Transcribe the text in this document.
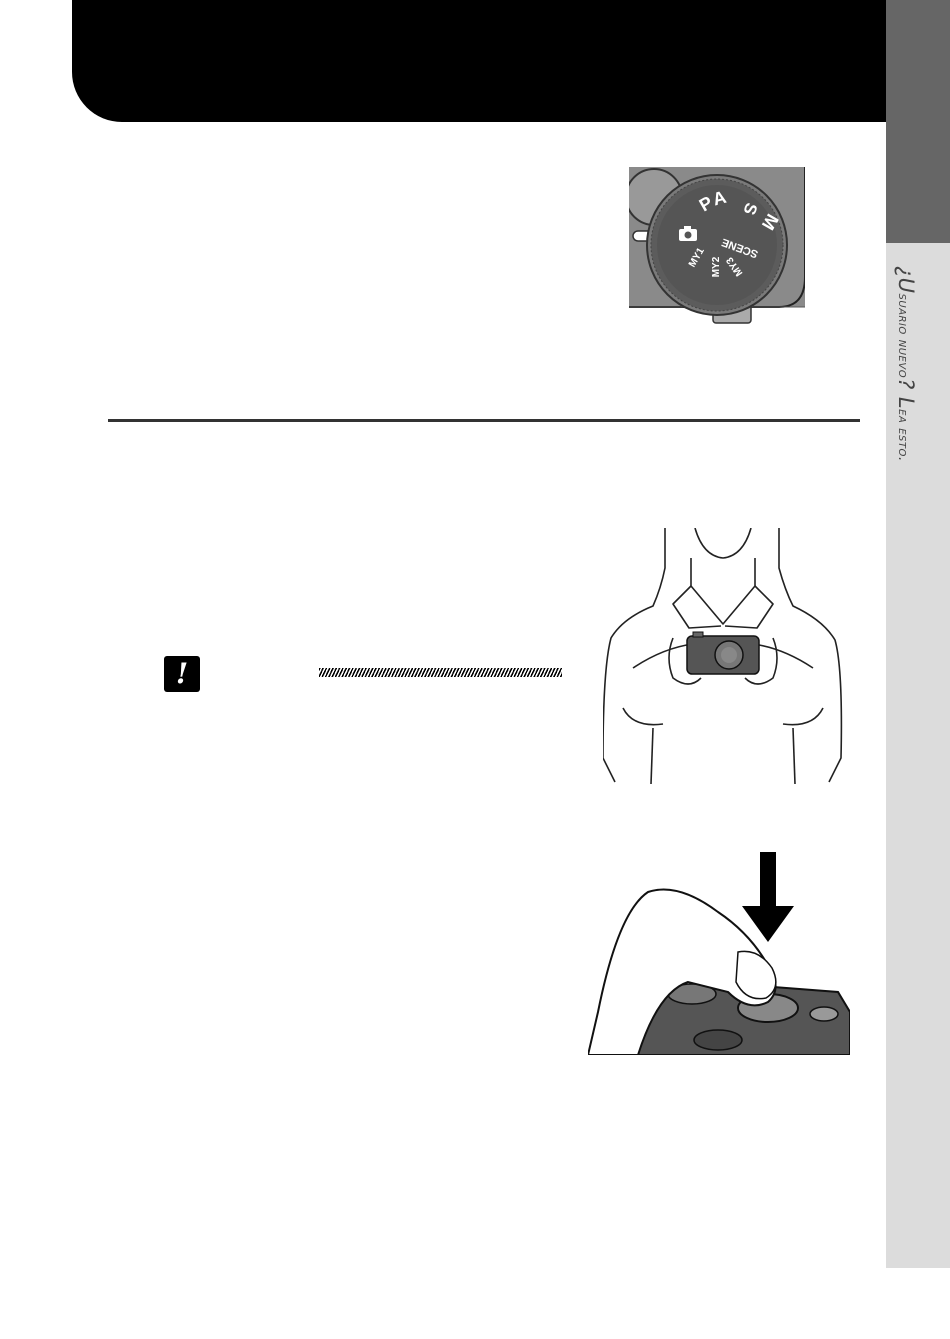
¿Usuario nuevo? Lea esto.
P
A S
M
SCENE
MY3
MY2
MY1
!
